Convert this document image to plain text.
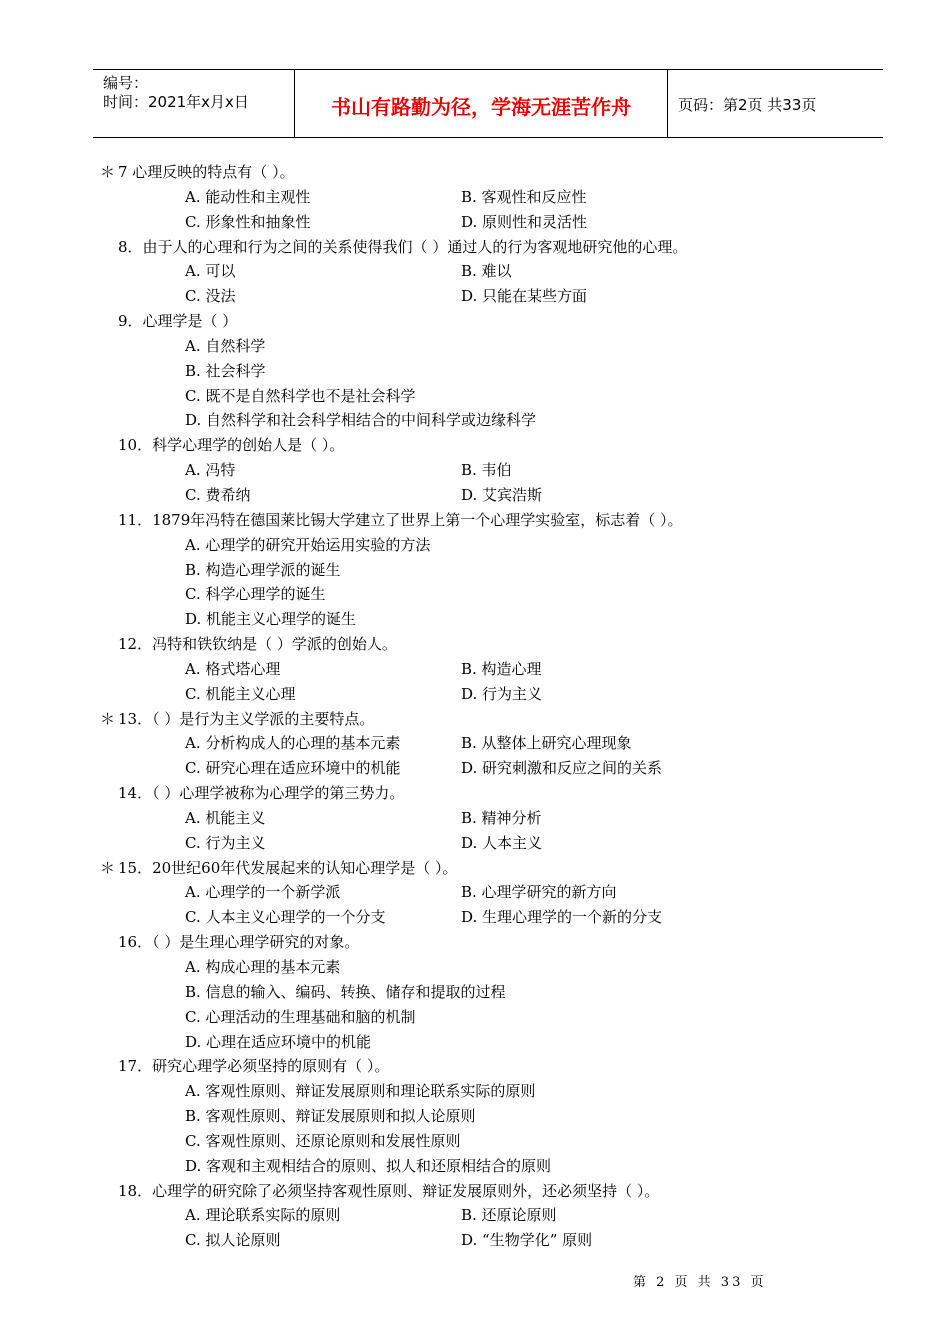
编号：
时间：2021年x月x日	书山有路勤为径，学海无涯苦作舟	页码：第2页 共33页
＊ 7 心理反映的特点有（ ）。
A. 能动性和主观性	B. 客观性和反应性
C. 形象性和抽象性	D. 原则性和灵活性
8．由于人的心理和行为之间的关系使得我们（ ）通过人的行为客观地研究他的心理。
A. 可以	B. 难以
C. 没法	D. 只能在某些方面
9．心理学是（ ）
A. 自然科学
B. 社会科学
C. 既不是自然科学也不是社会科学
D. 自然科学和社会科学相结合的中间科学或边缘科学
10．科学心理学的创始人是（ ）。
A. 冯特	B. 韦伯
C. 费希纳	D. 艾宾浩斯
11．1879年冯特在德国莱比锡大学建立了世界上第一个心理学实验室，标志着（ ）。
A. 心理学的研究开始运用实验的方法
B. 构造心理学派的诞生
C. 科学心理学的诞生
D. 机能主义心理学的诞生
12．冯特和铁钦纳是（ ）学派的创始人。
A. 格式塔心理	B. 构造心理
C. 机能主义心理	D. 行为主义
＊ 13．（ ）是行为主义学派的主要特点。
A. 分析构成人的心理的基本元素	B. 从整体上研究心理现象
C. 研究心理在适应环境中的机能	D. 研究刺激和反应之间的关系
14．（ ）心理学被称为心理学的第三势力。
A. 机能主义	B. 精神分析
C. 行为主义	D. 人本主义
＊ 15．20世纪60年代发展起来的认知心理学是（ ）。
A. 心理学的一个新学派	B. 心理学研究的新方向
C. 人本主义心理学的一个分支	D. 生理心理学的一个新的分支
16．（ ）是生理心理学研究的对象。
A. 构成心理的基本元素
B. 信息的输入、编码、转换、储存和提取的过程
C. 心理活动的生理基础和脑的机制
D. 心理在适应环境中的机能
17．研究心理学必须坚持的原则有（ ）。
A. 客观性原则、辩证发展原则和理论联系实际的原则
B. 客观性原则、辩证发展原则和拟人论原则
C. 客观性原则、还原论原则和发展性原则
D. 客观和主观相结合的原则、拟人和还原相结合的原则
18．心理学的研究除了必须坚持客观性原则、辩证发展原则外，还必须坚持（ ）。
A. 理论联系实际的原则	B. 还原论原则
C. 拟人论原则	D. “生物学化” 原则
第 2 页 共 33 页
